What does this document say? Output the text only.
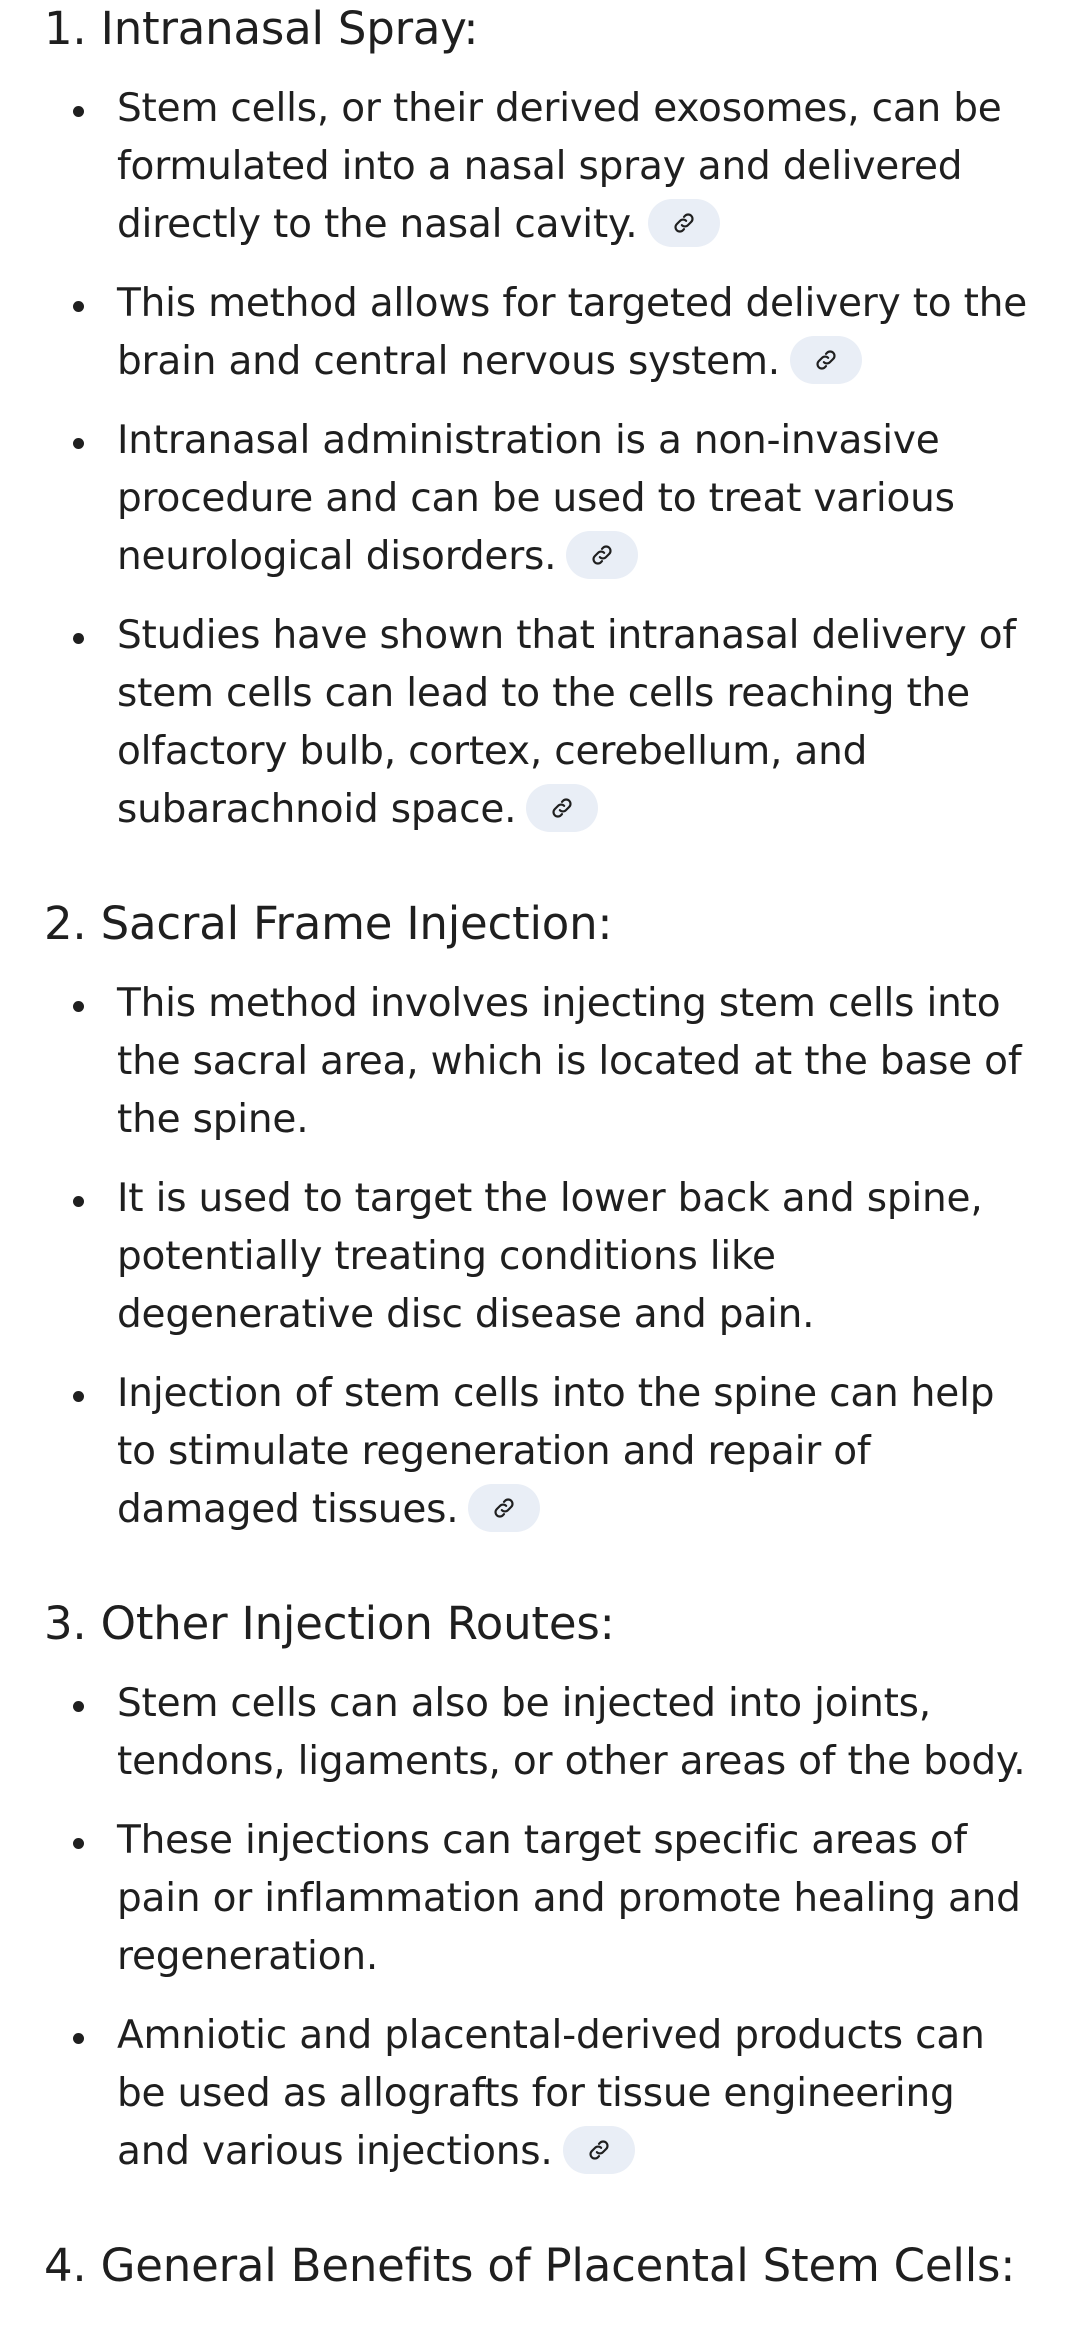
1. Intranasal Spray:
Stem cells, or their derived exosomes, can be formulated into a nasal spray and delivered directly to the nasal cavity.
This method allows for targeted delivery to the brain and central nervous system.
Intranasal administration is a non-invasive procedure and can be used to treat various neurological disorders.
Studies have shown that intranasal delivery of stem cells can lead to the cells reaching the olfactory bulb, cortex, cerebellum, and subarachnoid space.
2. Sacral Frame Injection:
This method involves injecting stem cells into the sacral area, which is located at the base of the spine.
It is used to target the lower back and spine, potentially treating conditions like degenerative disc disease and pain.
Injection of stem cells into the spine can help to stimulate regeneration and repair of damaged tissues.
3. Other Injection Routes:
Stem cells can also be injected into joints, tendons, ligaments, or other areas of the body.
These injections can target specific areas of pain or inflammation and promote healing and regeneration.
Amniotic and placental-derived products can be used as allografts for tissue engineering and various injections.
4. General Benefits of Placental Stem Cells:
